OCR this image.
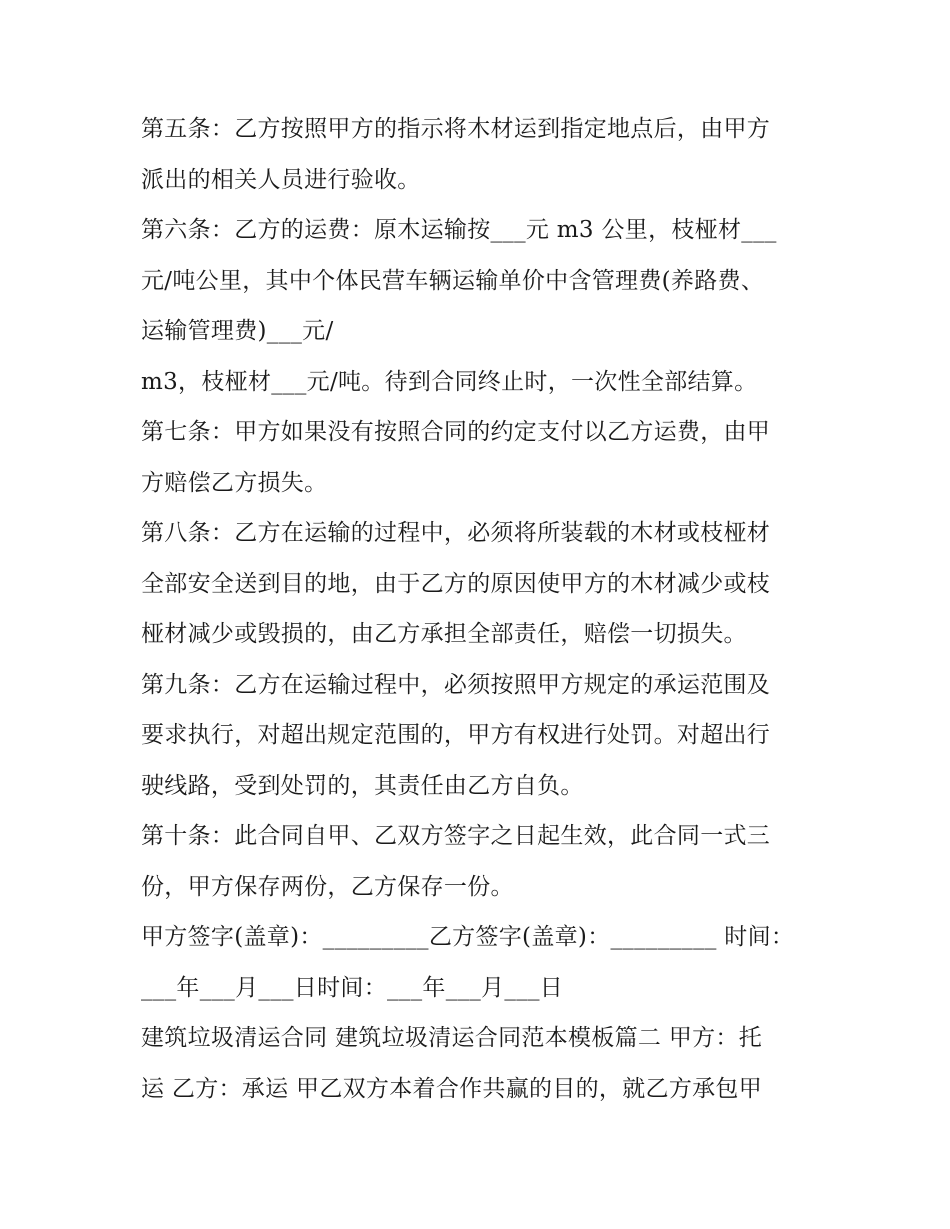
第五条：乙方按照甲方的指示将木材运到指定地点后，由甲方
派出的相关人员进行验收。
第六条：乙方的运费：原木运输按___元 m3 公里，枝桠材___
元/吨公里，其中个体民营车辆运输单价中含管理费(养路费、
运输管理费)___元/
m3，枝桠材___元/吨。待到合同终止时，一次性全部结算。
第七条：甲方如果没有按照合同的约定支付以乙方运费，由甲
方赔偿乙方损失。
第八条：乙方在运输的过程中，必须将所装载的木材或枝桠材
全部安全送到目的地，由于乙方的原因使甲方的木材减少或枝
桠材减少或毁损的，由乙方承担全部责任，赔偿一切损失。
第九条：乙方在运输过程中，必须按照甲方规定的承运范围及
要求执行，对超出规定范围的，甲方有权进行处罚。对超出行
驶线路，受到处罚的，其责任由乙方自负。
第十条：此合同自甲、乙双方签字之日起生效，此合同一式三
份，甲方保存两份，乙方保存一份。
甲方签字(盖章)：_________乙方签字(盖章)：_________ 时间：
___年___月___日时间：___年___月___日
建筑垃圾清运合同 建筑垃圾清运合同范本模板篇二 甲方：托
运 乙方：承运 甲乙双方本着合作共赢的目的，就乙方承包甲
